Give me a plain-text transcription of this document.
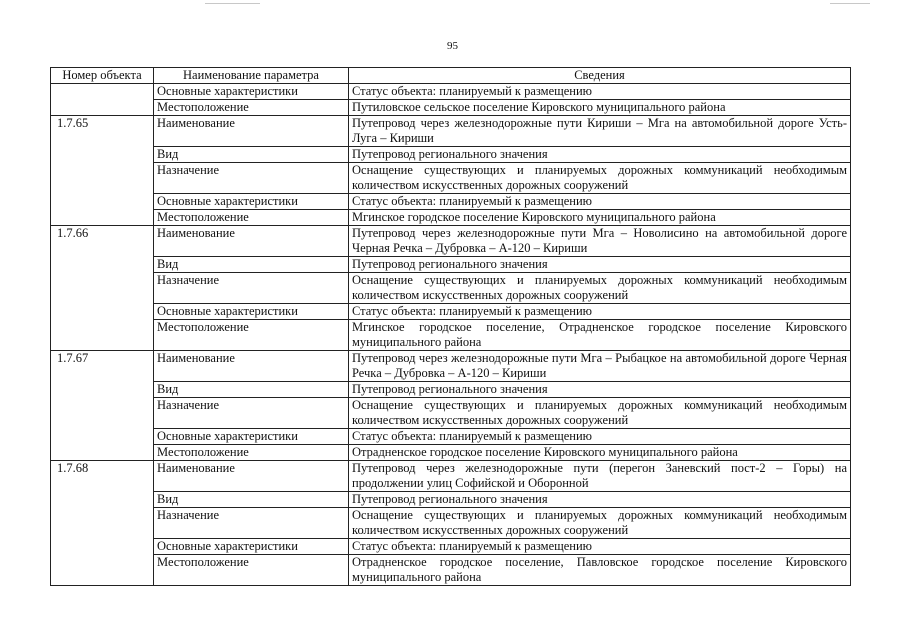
95
Номер объекта	Наименование параметра	Сведения
	Основные характеристики	Статус объекта: планируемый к размещению
	Местоположение	Путиловское сельское поселение Кировского муниципального района
1.7.65	Наименование	Путепровод через железнодорожные пути Кириши – Мга на автомобильной дороге Усть-Луга – Кириши
	Вид	Путепровод регионального значения
	Назначение	Оснащение существующих и планируемых дорожных коммуникаций необходимым количеством искусственных дорожных сооружений
	Основные характеристики	Статус объекта: планируемый к размещению
	Местоположение	Мгинское городское поселение Кировского муниципального района
1.7.66	Наименование	Путепровод через железнодорожные пути Мга – Новолисино на автомобильной дороге Черная Речка – Дубровка – А-120 – Кириши
	Вид	Путепровод регионального значения
	Назначение	Оснащение существующих и планируемых дорожных коммуникаций необходимым количеством искусственных дорожных сооружений
	Основные характеристики	Статус объекта: планируемый к размещению
	Местоположение	Мгинское городское поселение, Отрадненское городское поселение Кировского муниципального района
1.7.67	Наименование	Путепровод через железнодорожные пути Мга – Рыбацкое на автомобильной дороге Черная Речка – Дубровка – А-120 – Кириши
	Вид	Путепровод регионального значения
	Назначение	Оснащение существующих и планируемых дорожных коммуникаций необходимым количеством искусственных дорожных сооружений
	Основные характеристики	Статус объекта: планируемый к размещению
	Местоположение	Отрадненское городское поселение Кировского муниципального района
1.7.68	Наименование	Путепровод через железнодорожные пути (перегон Заневский пост-2 – Горы) на продолжении улиц Софийской и Оборонной
	Вид	Путепровод регионального значения
	Назначение	Оснащение существующих и планируемых дорожных коммуникаций необходимым количеством искусственных дорожных сооружений
	Основные характеристики	Статус объекта: планируемый к размещению
	Местоположение	Отрадненское городское поселение, Павловское городское поселение Кировского муниципального района
